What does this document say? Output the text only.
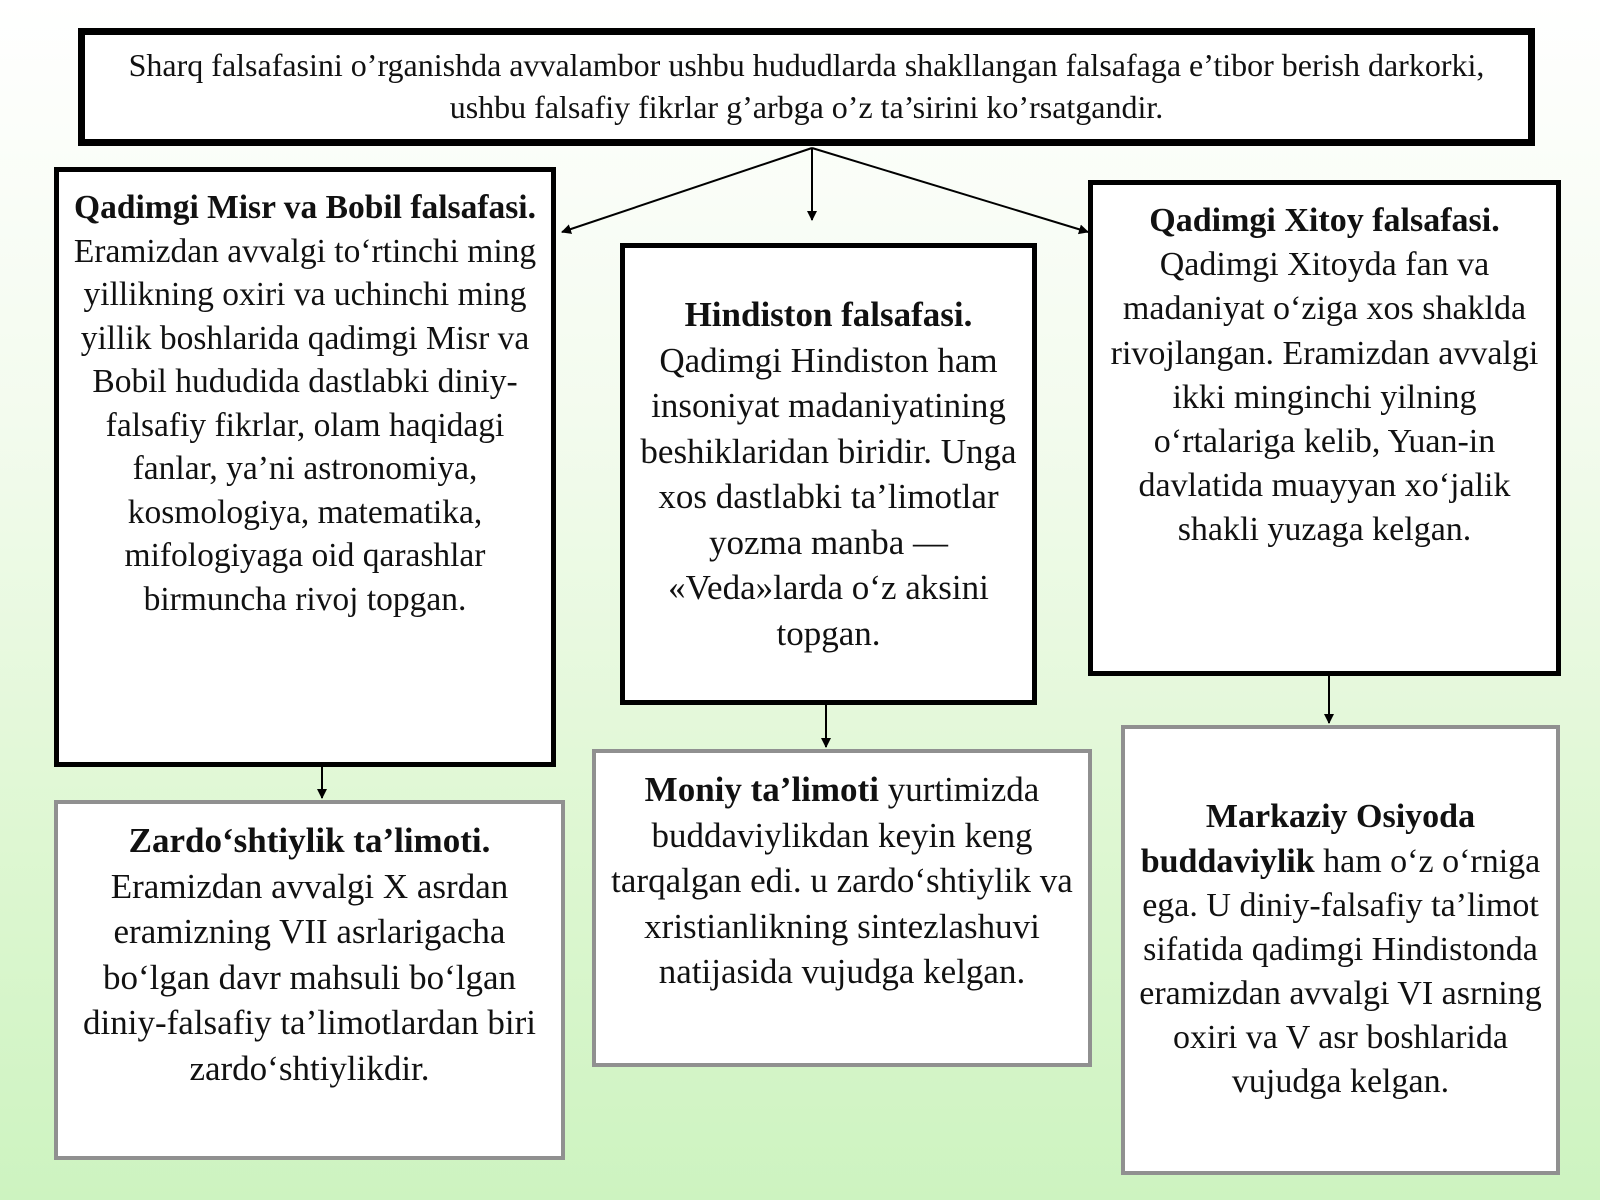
Sharq falsafasini o’rganishda avvalambor ushbu hududlarda shakllangan falsafaga e’tibor berish darkorki, ushbu falsafiy fikrlar g’arbga o’z ta’sirini ko’rsatgandir.
Qadimgi Misr va Bobil falsafasi. Eramizdan avvalgi to‘rtinchi ming yillikning oxiri va uchinchi ming yillik boshlarida qadimgi Misr va Bobil hududida dastlabki diniy-falsafiy fikrlar, olam haqidagi fanlar, ya’ni astronomiya, kosmologiya, matematika, mifologiyaga oid qarashlar birmuncha rivoj topgan.
Hindiston falsafasi. Qadimgi Hindiston ham insoniyat madaniyatining beshiklaridan biridir. Unga xos dastlabki ta’limotlar yozma manba — «Veda»larda o‘z aksini topgan.
Qadimgi Xitoy falsafasi. Qadimgi Xitoyda fan va madaniyat o‘ziga xos shaklda rivojlangan. Eramizdan avvalgi ikki minginchi yilning o‘rtalariga kelib, Yuan-in davlatida muayyan xo‘jalik shakli yuzaga kelgan.
Zardo‘shtiylik ta’limoti. Eramizdan avvalgi X asrdan eramizning VII asrlarigacha bo‘lgan davr mahsuli bo‘lgan diniy-falsafiy ta’limotlardan biri zardo‘shtiylikdir.
Moniy ta’limoti yurtimizda buddaviylikdan keyin keng tarqalgan edi. u zardo‘shtiylik va xristianlikning sintezlashuvi natijasida vujudga kelgan.
Markaziy Osiyoda buddaviylik ham o‘z o‘rniga ega. U diniy-falsafiy ta’limot sifatida qadimgi Hindistonda eramizdan avvalgi VI asrning oxiri va V asr boshlarida vujudga kelgan.
